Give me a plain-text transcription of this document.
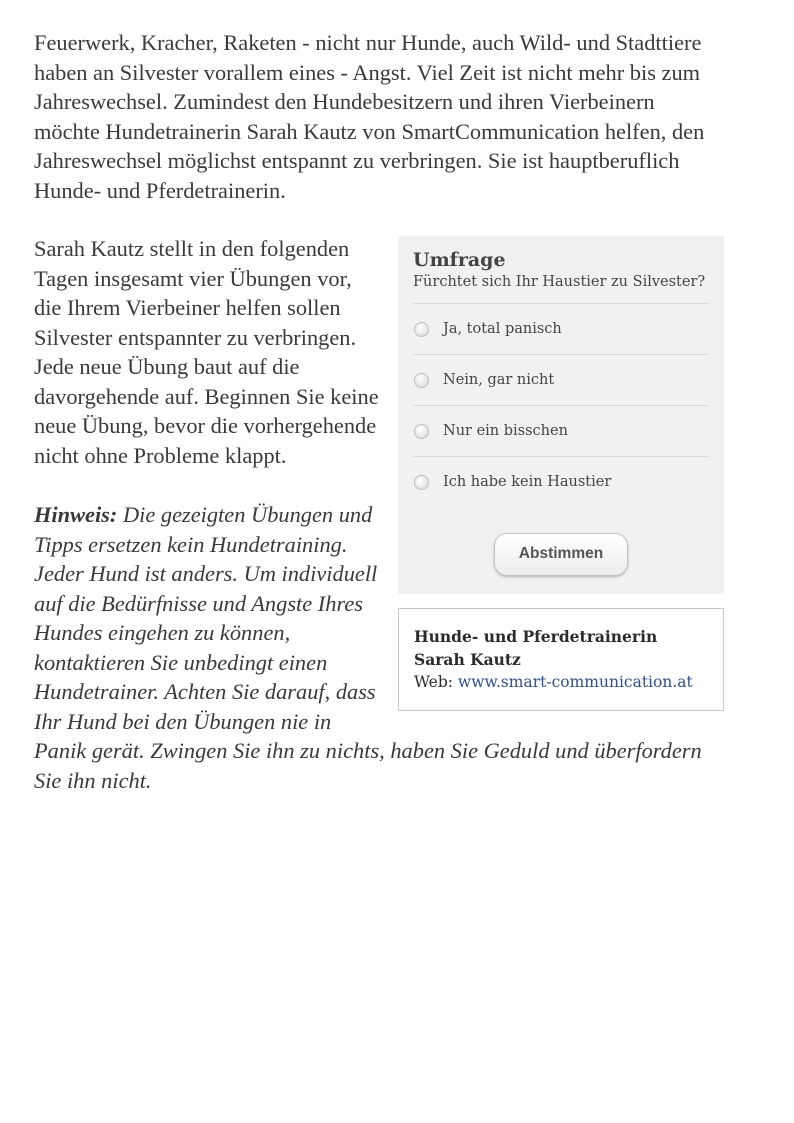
Feuerwerk, Kracher, Raketen - nicht nur Hunde, auch Wild- und Stadttiere haben an Silvester vorallem eines - Angst. Viel Zeit ist nicht mehr bis zum Jahreswechsel. Zumindest den Hundebesitzern und ihren Vierbeinern möchte Hundetrainerin Sarah Kautz von SmartCommunication helfen, den Jahreswechsel möglichst entspannt zu verbringen. Sie ist hauptberuflich Hunde- und Pferdetrainerin.

Umfrage
Fürchtet sich Ihr Haustier zu Silvester?
Ja, total panisch
Nein, gar nicht
Nur ein bisschen
Ich habe kein Haustier
Abstimmen
Hunde- und Pferdetrainerin
Sarah Kautz
Web: www.smart-communication.at

Sarah Kautz stellt in den folgenden Tagen insgesamt vier Übungen vor, die Ihrem Vierbeiner helfen sollen Silvester entspannter zu verbringen. Jede neue Übung baut auf die davorgehende auf. Beginnen Sie keine neue Übung, bevor die vorhergehende nicht ohne Probleme klappt.

Hinweis: Die gezeigten Übungen und Tipps ersetzen kein Hundetraining. Jeder Hund ist anders. Um individuell auf die Bedürfnisse und Angste Ihres Hundes eingehen zu können, kontaktieren Sie unbedingt einen Hundetrainer. Achten Sie darauf, dass Ihr Hund bei den Übungen nie in Panik gerät. Zwingen Sie ihn zu nichts, haben Sie Geduld und überfordern Sie ihn nicht.
